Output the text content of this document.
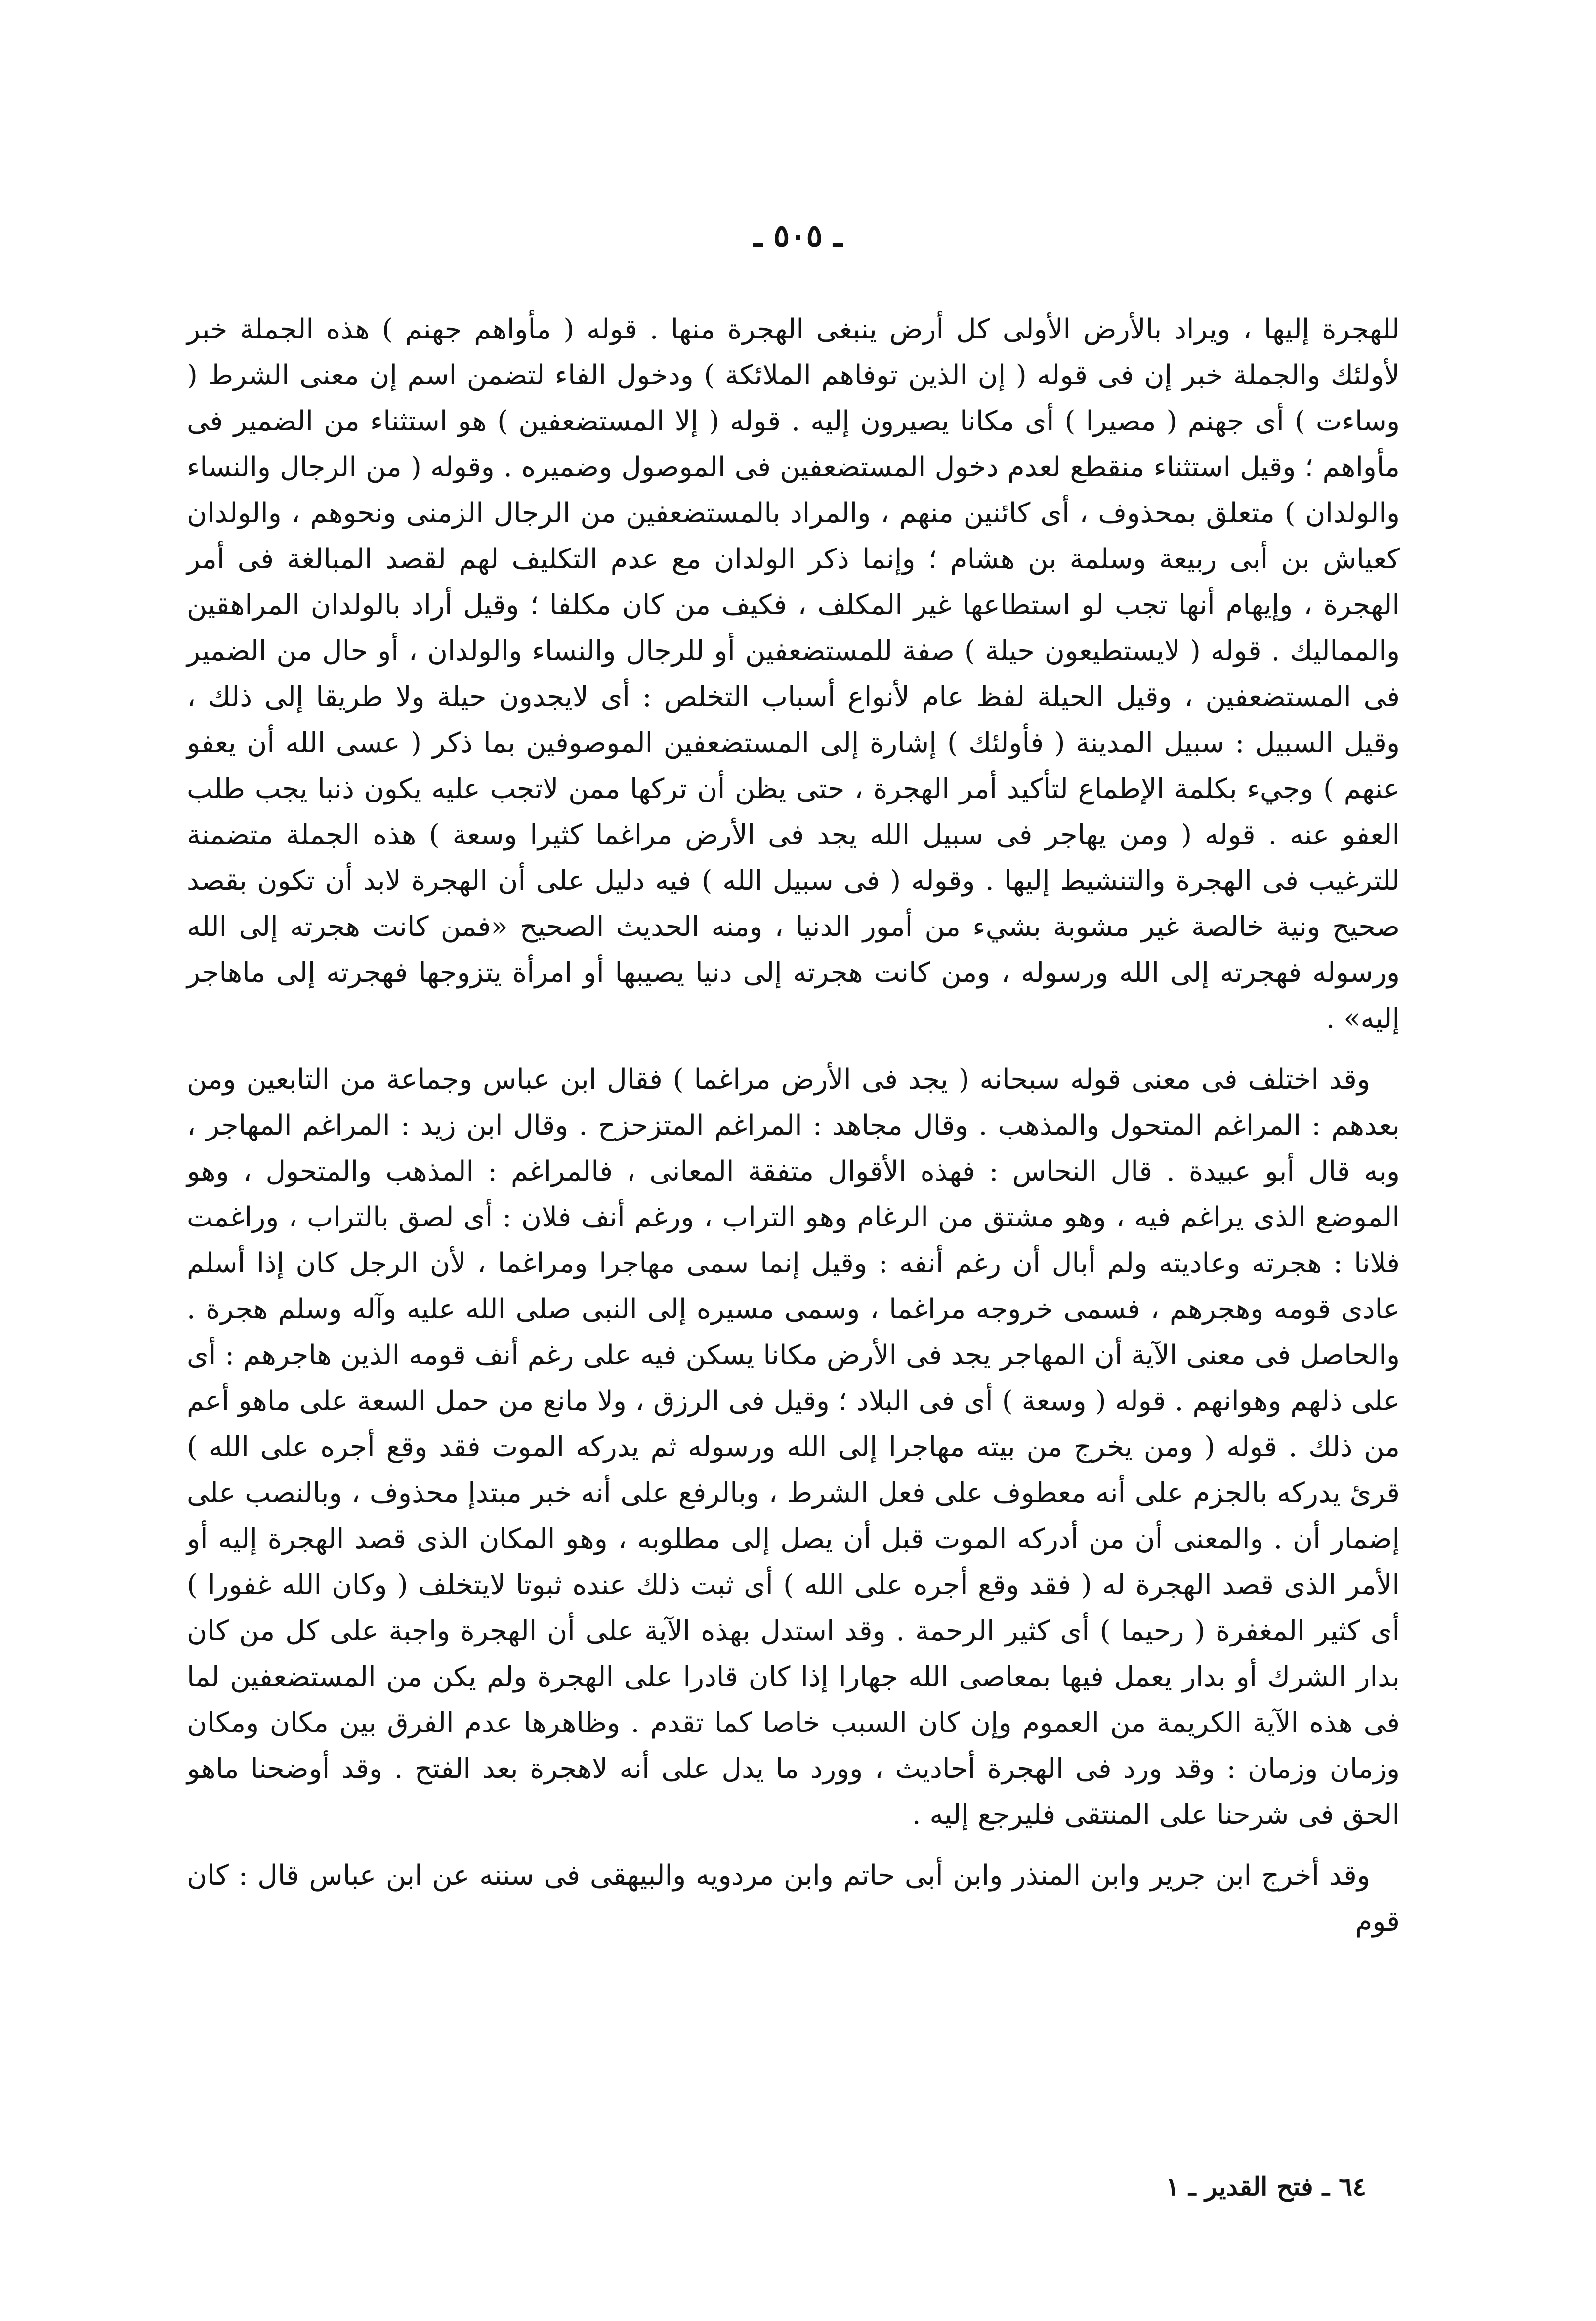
ـ ٥٠٥ ـ

للهجرة إليها ، ويراد بالأرض الأولى كل أرض ينبغى الهجرة منها . قوله ( مأواهم جهنم ) هذه الجملة خبر لأولئك والجملة خبر إن فى قوله ( إن الذين توفاهم الملائكة ) ودخول الفاء لتضمن اسم إن معنى الشرط ( وساءت ) أى جهنم ( مصيرا ) أى مكانا يصيرون إليه . قوله ( إلا المستضعفين ) هو استثناء من الضمير فى مأواهم ؛ وقيل استثناء منقطع لعدم دخول المستضعفين فى الموصول وضميره . وقوله ( من الرجال والنساء والولدان ) متعلق بمحذوف ، أى كائنين منهم ، والمراد بالمستضعفين من الرجال الزمنى ونحوهم ، والولدان كعياش بن أبى ربيعة وسلمة بن هشام ؛ وإنما ذكر الولدان مع عدم التكليف لهم لقصد المبالغة فى أمر الهجرة ، وإيهام أنها تجب لو استطاعها غير المكلف ، فكيف من كان مكلفا ؛ وقيل أراد بالولدان المراهقين والمماليك . قوله ( لايستطيعون حيلة ) صفة للمستضعفين أو للرجال والنساء والولدان ، أو حال من الضمير فى المستضعفين ، وقيل الحيلة لفظ عام لأنواع أسباب التخلص : أى لايجدون حيلة ولا طريقا إلى ذلك ، وقيل السبيل : سبيل المدينة ( فأولئك ) إشارة إلى المستضعفين الموصوفين بما ذكر ( عسى الله أن يعفو عنهم ) وجيء بكلمة الإطماع لتأكيد أمر الهجرة ، حتى يظن أن تركها ممن لاتجب عليه يكون ذنبا يجب طلب العفو عنه . قوله ( ومن يهاجر فى سبيل الله يجد فى الأرض مراغما كثيرا وسعة ) هذه الجملة متضمنة للترغيب فى الهجرة والتنشيط إليها . وقوله ( فى سبيل الله ) فيه دليل على أن الهجرة لابد أن تكون بقصد صحيح ونية خالصة غير مشوبة بشيء من أمور الدنيا ، ومنه الحديث الصحيح «فمن كانت هجرته إلى الله ورسوله فهجرته إلى الله ورسوله ، ومن كانت هجرته إلى دنيا يصيبها أو امرأة يتزوجها فهجرته إلى ماهاجر إليه» .

وقد اختلف فى معنى قوله سبحانه ( يجد فى الأرض مراغما ) فقال ابن عباس وجماعة من التابعين ومن بعدهم : المراغم المتحول والمذهب . وقال مجاهد : المراغم المتزحزح . وقال ابن زيد : المراغم المهاجر ، وبه قال أبو عبيدة . قال النحاس : فهذه الأقوال متفقة المعانى ، فالمراغم : المذهب والمتحول ، وهو الموضع الذى يراغم فيه ، وهو مشتق من الرغام وهو التراب ، ورغم أنف فلان : أى لصق بالتراب ، وراغمت فلانا : هجرته وعاديته ولم أبال أن رغم أنفه : وقيل إنما سمى مهاجرا ومراغما ، لأن الرجل كان إذا أسلم عادى قومه وهجرهم ، فسمى خروجه مراغما ، وسمى مسيره إلى النبى صلى الله عليه وآله وسلم هجرة . والحاصل فى معنى الآية أن المهاجر يجد فى الأرض مكانا يسكن فيه على رغم أنف قومه الذين هاجرهم : أى على ذلهم وهوانهم . قوله ( وسعة ) أى فى البلاد ؛ وقيل فى الرزق ، ولا مانع من حمل السعة على ماهو أعم من ذلك . قوله ( ومن يخرج من بيته مهاجرا إلى الله ورسوله ثم يدركه الموت فقد وقع أجره على الله ) قرئ يدركه بالجزم على أنه معطوف على فعل الشرط ، وبالرفع على أنه خبر مبتدإ محذوف ، وبالنصب على إضمار أن . والمعنى أن من أدركه الموت قبل أن يصل إلى مطلوبه ، وهو المكان الذى قصد الهجرة إليه أو الأمر الذى قصد الهجرة له ( فقد وقع أجره على الله ) أى ثبت ذلك عنده ثبوتا لايتخلف ( وكان الله غفورا ) أى كثير المغفرة ( رحيما ) أى كثير الرحمة . وقد استدل بهذه الآية على أن الهجرة واجبة على كل من كان بدار الشرك أو بدار يعمل فيها بمعاصى الله جهارا إذا كان قادرا على الهجرة ولم يكن من المستضعفين لما فى هذه الآية الكريمة من العموم وإن كان السبب خاصا كما تقدم . وظاهرها عدم الفرق بين مكان ومكان وزمان وزمان : وقد ورد فى الهجرة أحاديث ، وورد ما يدل على أنه لاهجرة بعد الفتح . وقد أوضحنا ماهو الحق فى شرحنا على المنتقى فليرجع إليه .

وقد أخرج ابن جرير وابن المنذر وابن أبى حاتم وابن مردويه والبيهقى فى سننه عن ابن عباس قال : كان قوم

٦٤ ـ فتح القدير ـ ١
